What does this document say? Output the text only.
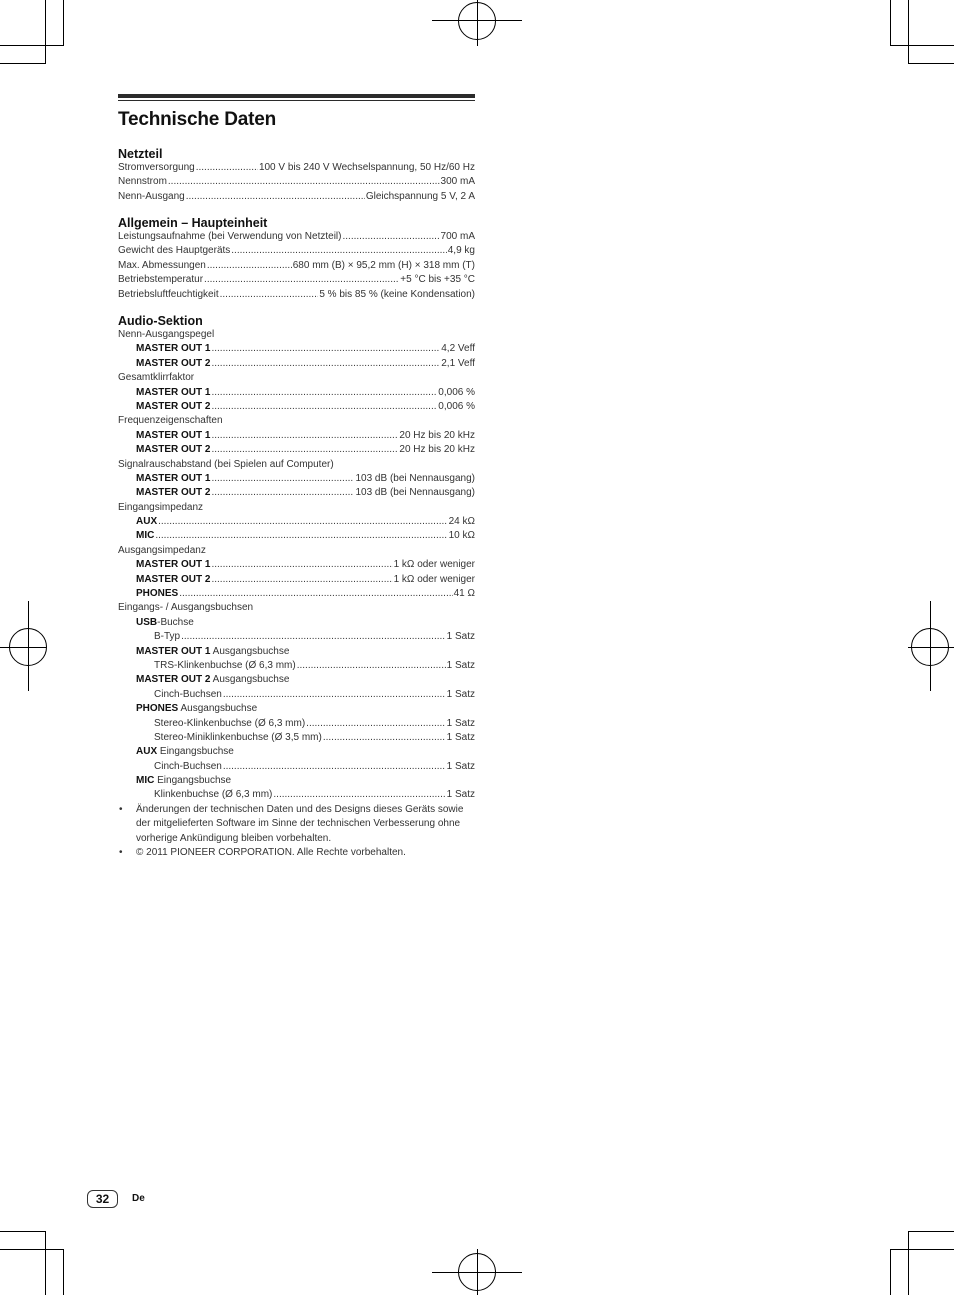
Technische Daten
Netzteil
Stromversorgung .....	100 V bis 240 V Wechselspannung, 50 Hz/60 Hz
Nennstrom .....	300 mA
Nenn-Ausgang .....	Gleichspannung 5 V, 2 A
Allgemein – Haupteinheit
Leistungsaufnahme (bei Verwendung von Netzteil) .....	700 mA
Gewicht des Hauptgeräts .....	4,9 kg
Max. Abmessungen .....	680 mm (B) × 95,2 mm (H) × 318 mm (T)
Betriebstemperatur .....	+5 °C bis +35 °C
Betriebsluftfeuchtigkeit .....	5 % bis 85 % (keine Kondensation)
Audio-Sektion
Nenn-Ausgangspegel
MASTER OUT 1 .....	4,2 Veff
MASTER OUT 2 .....	2,1 Veff
Gesamtklirrfaktor
MASTER OUT 1 .....	0,006 %
MASTER OUT 2 .....	0,006 %
Frequenzeigenschaften
MASTER OUT 1 .....	20 Hz bis 20 kHz
MASTER OUT 2 .....	20 Hz bis 20 kHz
Signalrauschabstand (bei Spielen auf Computer)
MASTER OUT 1 .....	103 dB (bei Nennausgang)
MASTER OUT 2 .....	103 dB (bei Nennausgang)
Eingangsimpedanz
AUX .....	24 kΩ
MIC .....	10 kΩ
Ausgangsimpedanz
MASTER OUT 1 .....	1 kΩ oder weniger
MASTER OUT 2 .....	1 kΩ oder weniger
PHONES .....	41 Ω
Eingangs- / Ausgangsbuchsen
USB-Buchse
B-Typ .....	1 Satz
MASTER OUT 1 Ausgangsbuchse
TRS-Klinkenbuchse (Ø 6,3 mm) .....	1 Satz
MASTER OUT 2 Ausgangsbuchse
Cinch-Buchsen .....	1 Satz
PHONES Ausgangsbuchse
Stereo-Klinkenbuchse (Ø 6,3 mm) .....	1 Satz
Stereo-Miniklinkenbuchse (Ø 3,5 mm) .....	1 Satz
AUX Eingangsbuchse
Cinch-Buchsen .....	1 Satz
MIC Eingangsbuchse
Klinkenbuchse (Ø 6,3 mm) .....	1 Satz
• Änderungen der technischen Daten und des Designs dieses Geräts sowie der mitgelieferten Software im Sinne der technischen Verbesserung ohne vorherige Ankündigung bleiben vorbehalten.
• © 2011 PIONEER CORPORATION. Alle Rechte vorbehalten.
32	De
